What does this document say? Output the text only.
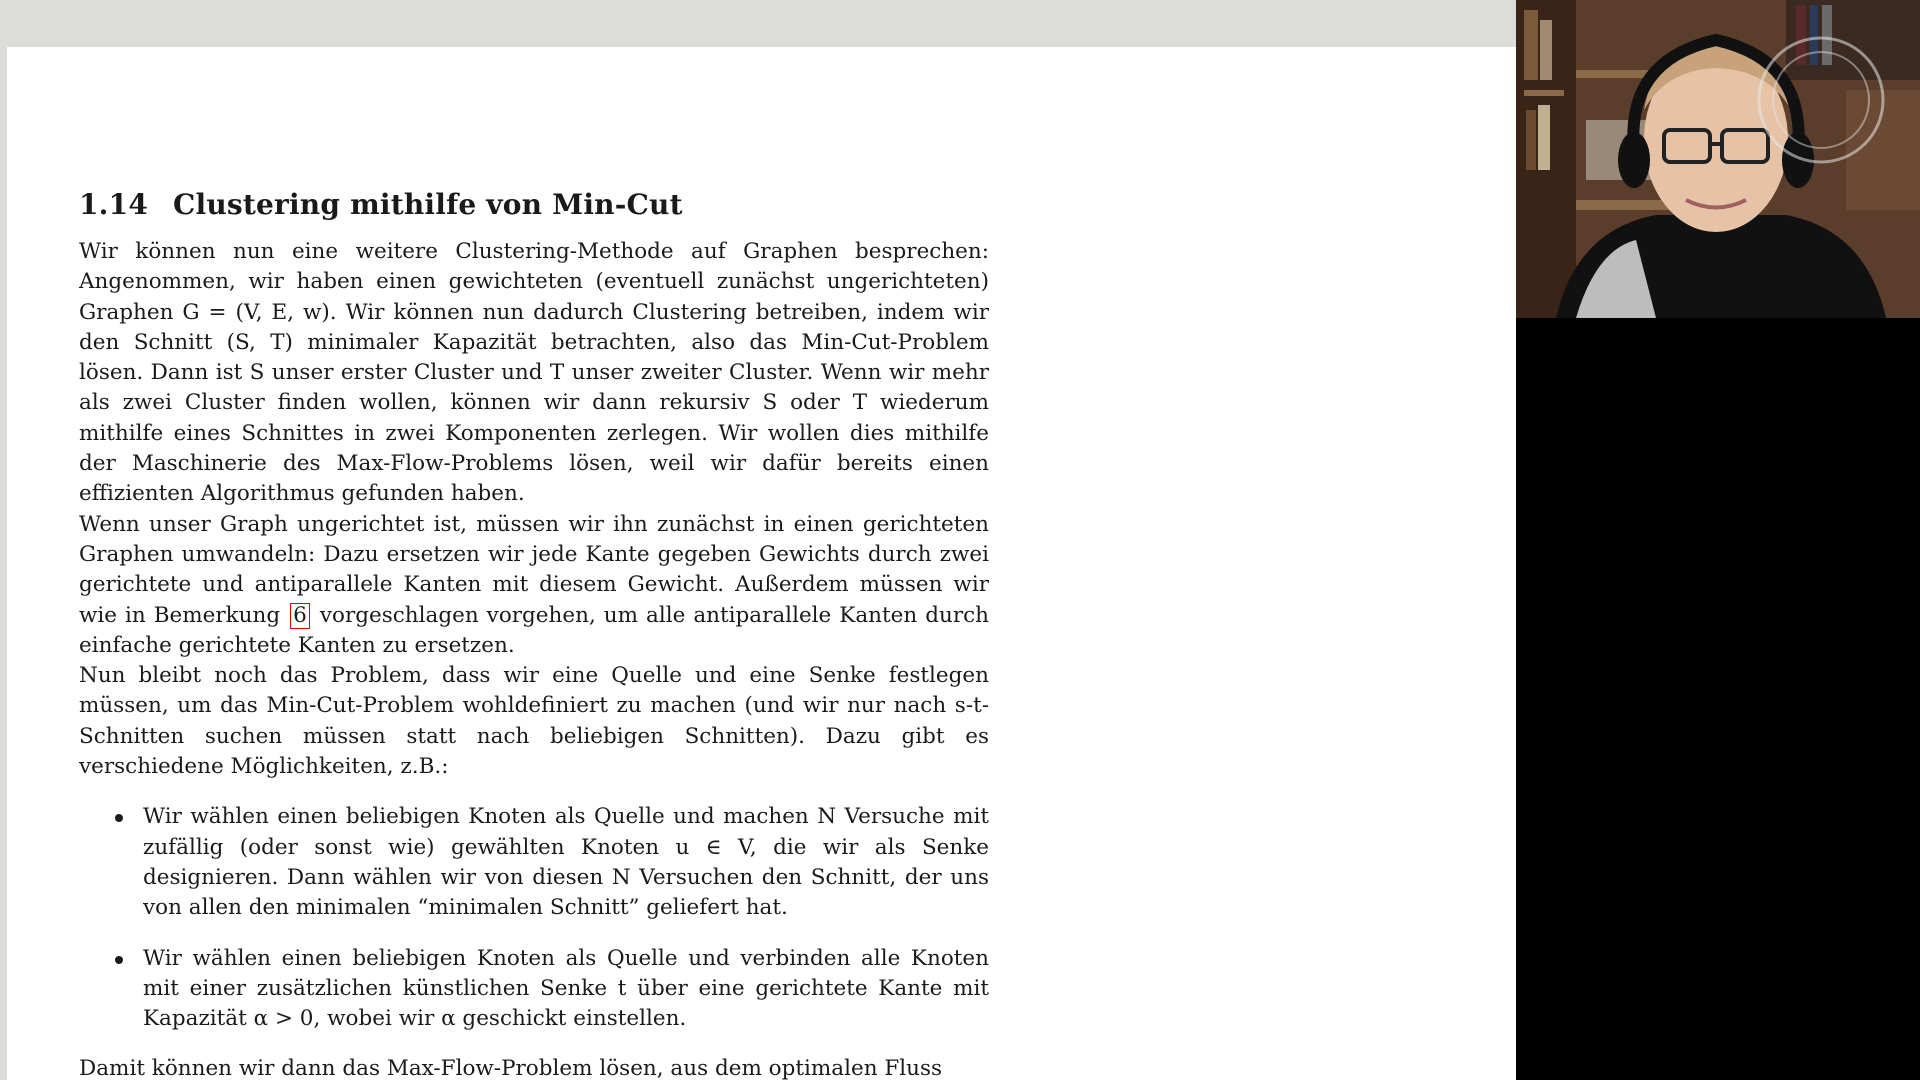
1.14 Clustering mithilfe von Min-Cut

Wir können nun eine weitere Clustering-Methode auf Graphen besprechen: Angenommen, wir haben einen gewichteten (eventuell zunächst ungerichteten) Graphen G = (V, E, w). Wir können nun dadurch Clustering betreiben, indem wir den Schnitt (S, T) minimaler Kapazität betrachten, also das Min-Cut-Problem lösen. Dann ist S unser erster Cluster und T unser zweiter Cluster. Wenn wir mehr als zwei Cluster finden wollen, können wir dann rekursiv S oder T wiederum mithilfe eines Schnittes in zwei Komponenten zerlegen. Wir wollen dies mithilfe der Maschinerie des Max-Flow-Problems lösen, weil wir dafür bereits einen effizienten Algorithmus gefunden haben.

Wenn unser Graph ungerichtet ist, müssen wir ihn zunächst in einen gerichteten Graphen umwandeln: Dazu ersetzen wir jede Kante gegeben Gewichts durch zwei gerichtete und antiparallele Kanten mit diesem Gewicht. Außerdem müssen wir wie in Bemerkung 6 vorgeschlagen vorgehen, um alle antiparallele Kanten durch einfache gerichtete Kanten zu ersetzen.

Nun bleibt noch das Problem, dass wir eine Quelle und eine Senke festlegen müssen, um das Min-Cut-Problem wohldefiniert zu machen (und wir nur nach s-t-Schnitten suchen müssen statt nach beliebigen Schnitten). Dazu gibt es verschiedene Möglichkeiten, z.B.:

Wir wählen einen beliebigen Knoten als Quelle und machen N Versuche mit zufällig (oder sonst wie) gewählten Knoten u ∈ V, die wir als Senke designieren. Dann wählen wir von diesen N Versuchen den Schnitt, der uns von allen den minimalen “minimalen Schnitt” geliefert hat.

Wir wählen einen beliebigen Knoten als Quelle und verbinden alle Knoten mit einer zusätzlichen künstlichen Senke t über eine gerichtete Kante mit Kapazität α > 0, wobei wir α geschickt einstellen.

Damit können wir dann das Max-Flow-Problem lösen, aus dem optimalen Fluss
